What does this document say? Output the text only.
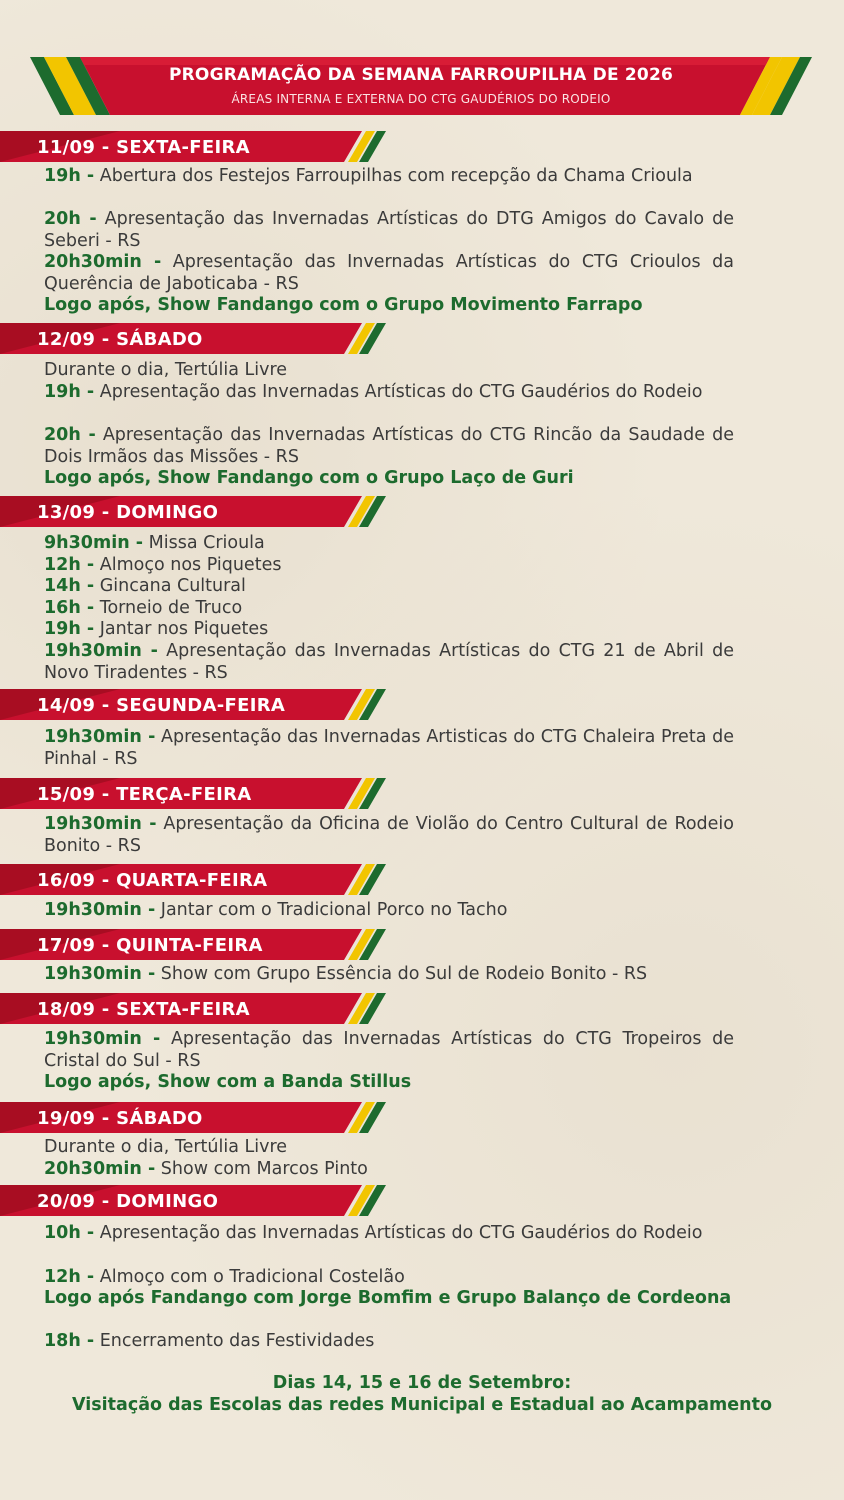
PROGRAMAÇÃO DA SEMANA FARROUPILHA DE 2026
ÁREAS INTERNA E EXTERNA DO CTG GAUDÉRIOS DO RODEIO
11/09 - SEXTA-FEIRA
19h - Abertura dos Festejos Farroupilhas com recepção da Chama Crioula
20h - Apresentação das Invernadas Artísticas do DTG Amigos do Cavalo de Seberi - RS
20h30min - Apresentação das Invernadas Artísticas do CTG Crioulos da Querência de Jaboticaba - RS
Logo após, Show Fandango com o Grupo Movimento Farrapo
12/09 - SÁBADO
Durante o dia, Tertúlia Livre
19h - Apresentação das Invernadas Artísticas do CTG Gaudérios do Rodeio
20h - Apresentação das Invernadas Artísticas do CTG Rincão da Saudade de Dois Irmãos das Missões - RS
Logo após, Show Fandango com o Grupo Laço de Guri
13/09 - DOMINGO
9h30min - Missa Crioula
12h - Almoço nos Piquetes
14h - Gincana Cultural
16h - Torneio de Truco
19h - Jantar nos Piquetes
19h30min - Apresentação das Invernadas Artísticas do CTG 21 de Abril de Novo Tiradentes - RS
14/09 - SEGUNDA-FEIRA
19h30min - Apresentação das Invernadas Artisticas do CTG Chaleira Preta de Pinhal - RS
15/09 - TERÇA-FEIRA
19h30min - Apresentação da Oficina de Violão do Centro Cultural de Rodeio Bonito - RS
16/09 - QUARTA-FEIRA
19h30min - Jantar com o Tradicional Porco no Tacho
17/09 - QUINTA-FEIRA
19h30min - Show com Grupo Essência do Sul de Rodeio Bonito - RS
18/09 - SEXTA-FEIRA
19h30min - Apresentação das Invernadas Artísticas do CTG Tropeiros de Cristal do Sul - RS
Logo após, Show com a Banda Stillus
19/09 - SÁBADO
Durante o dia, Tertúlia Livre
20h30min - Show com Marcos Pinto
20/09 - DOMINGO
10h - Apresentação das Invernadas Artísticas do CTG Gaudérios do Rodeio
12h - Almoço com o Tradicional Costelão
Logo após Fandango com Jorge Bomfim e Grupo Balanço de Cordeona
18h - Encerramento das Festividades
Dias 14, 15 e 16 de Setembro:
Visitação das Escolas das redes Municipal e Estadual ao Acampamento
